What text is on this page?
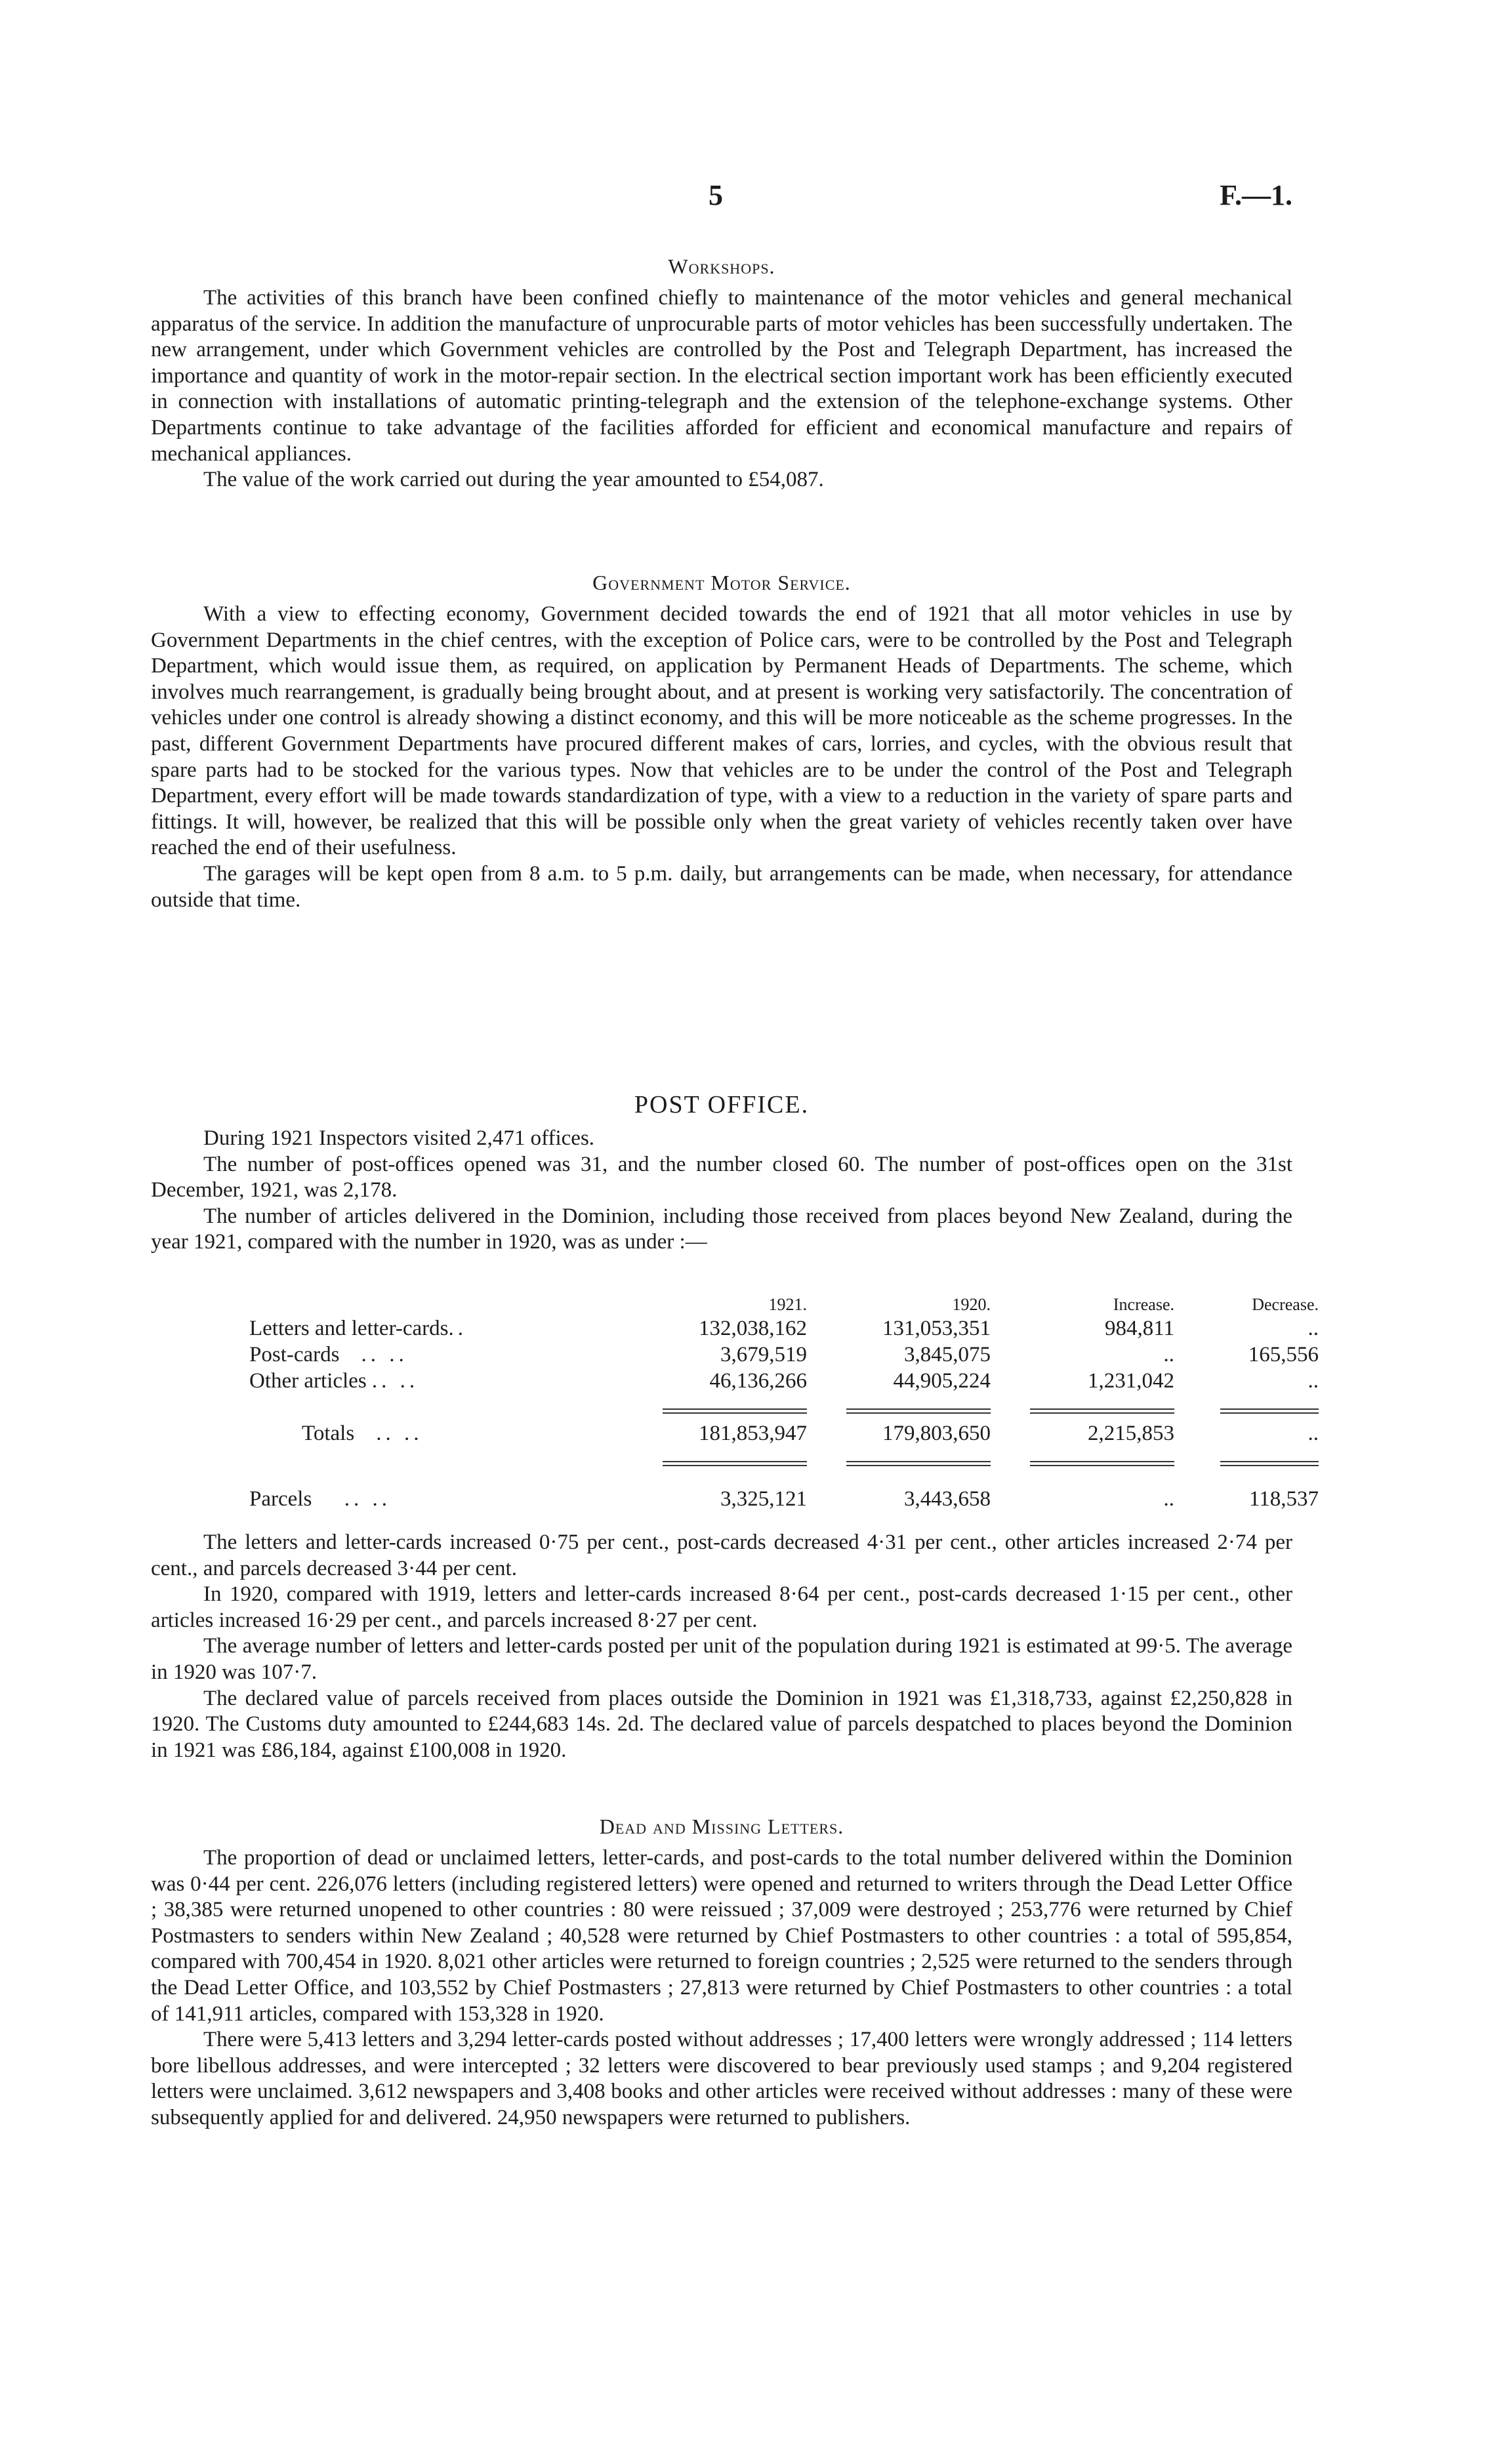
5	F.—1.
Workshops.

The activities of this branch have been confined chiefly to maintenance of the motor vehicles and general mechanical apparatus of the service. In addition the manufacture of unprocurable parts of motor vehicles has been successfully undertaken. The new arrangement, under which Government vehicles are controlled by the Post and Telegraph Department, has increased the importance and quantity of work in the motor-repair section. In the electrical section important work has been efficiently executed in connection with installations of automatic printing-telegraph and the extension of the telephone-exchange systems. Other Departments continue to take advantage of the facilities afforded for efficient and economical manufacture and repairs of mechanical appliances.

The value of the work carried out during the year amounted to £54,087.

Government Motor Service.

With a view to effecting economy, Government decided towards the end of 1921 that all motor vehicles in use by Government Departments in the chief centres, with the exception of Police cars, were to be controlled by the Post and Telegraph Department, which would issue them, as required, on application by Permanent Heads of Departments. The scheme, which involves much rearrangement, is gradually being brought about, and at present is working very satisfactorily. The concentration of vehicles under one control is already showing a distinct economy, and this will be more noticeable as the scheme progresses. In the past, different Government Departments have procured different makes of cars, lorries, and cycles, with the obvious result that spare parts had to be stocked for the various types. Now that vehicles are to be under the control of the Post and Telegraph Department, every effort will be made towards standardization of type, with a view to a reduction in the variety of spare parts and fittings. It will, however, be realized that this will be possible only when the great variety of vehicles recently taken over have reached the end of their usefulness.

The garages will be kept open from 8 a.m. to 5 p.m. daily, but arrangements can be made, when necessary, for attendance outside that time.

POST OFFICE.

During 1921 Inspectors visited 2,471 offices.

The number of post-offices opened was 31, and the number closed 60. The number of post-offices open on the 31st December, 1921, was 2,178.

The number of articles delivered in the Dominion, including those received from places beyond New Zealand, during the year 1921, compared with the number in 1920, was as under :—

	1921.	1920.	Increase.	Decrease.
Letters and letter-cards..	132,038,162	131,053,351	984,811	..
Post-cards .. ..	3,679,519	3,845,075	..	165,556
Other articles .. ..	46,136,266	44,905,224	1,231,042	..

Totals .. ..	181,853,947	179,803,650	2,215,853	..

Parcels .. ..	3,325,121	3,443,658	..	118,537

The letters and letter-cards increased 0·75 per cent., post-cards decreased 4·31 per cent., other articles increased 2·74 per cent., and parcels decreased 3·44 per cent.

In 1920, compared with 1919, letters and letter-cards increased 8·64 per cent., post-cards decreased 1·15 per cent., other articles increased 16·29 per cent., and parcels increased 8·27 per cent.

The average number of letters and letter-cards posted per unit of the population during 1921 is estimated at 99·5. The average in 1920 was 107·7.

The declared value of parcels received from places outside the Dominion in 1921 was £1,318,733, against £2,250,828 in 1920. The Customs duty amounted to £244,683 14s. 2d. The declared value of parcels despatched to places beyond the Dominion in 1921 was £86,184, against £100,008 in 1920.

Dead and Missing Letters.

The proportion of dead or unclaimed letters, letter-cards, and post-cards to the total number delivered within the Dominion was 0·44 per cent. 226,076 letters (including registered letters) were opened and returned to writers through the Dead Letter Office ; 38,385 were returned unopened to other countries : 80 were reissued ; 37,009 were destroyed ; 253,776 were returned by Chief Postmasters to senders within New Zealand ; 40,528 were returned by Chief Postmasters to other countries : a total of 595,854, compared with 700,454 in 1920. 8,021 other articles were returned to foreign countries ; 2,525 were returned to the senders through the Dead Letter Office, and 103,552 by Chief Postmasters ; 27,813 were returned by Chief Postmasters to other countries : a total of 141,911 articles, compared with 153,328 in 1920.

There were 5,413 letters and 3,294 letter-cards posted without addresses ; 17,400 letters were wrongly addressed ; 114 letters bore libellous addresses, and were intercepted ; 32 letters were discovered to bear previously used stamps ; and 9,204 registered letters were unclaimed. 3,612 newspapers and 3,408 books and other articles were received without addresses : many of these were subsequently applied for and delivered. 24,950 newspapers were returned to publishers.
